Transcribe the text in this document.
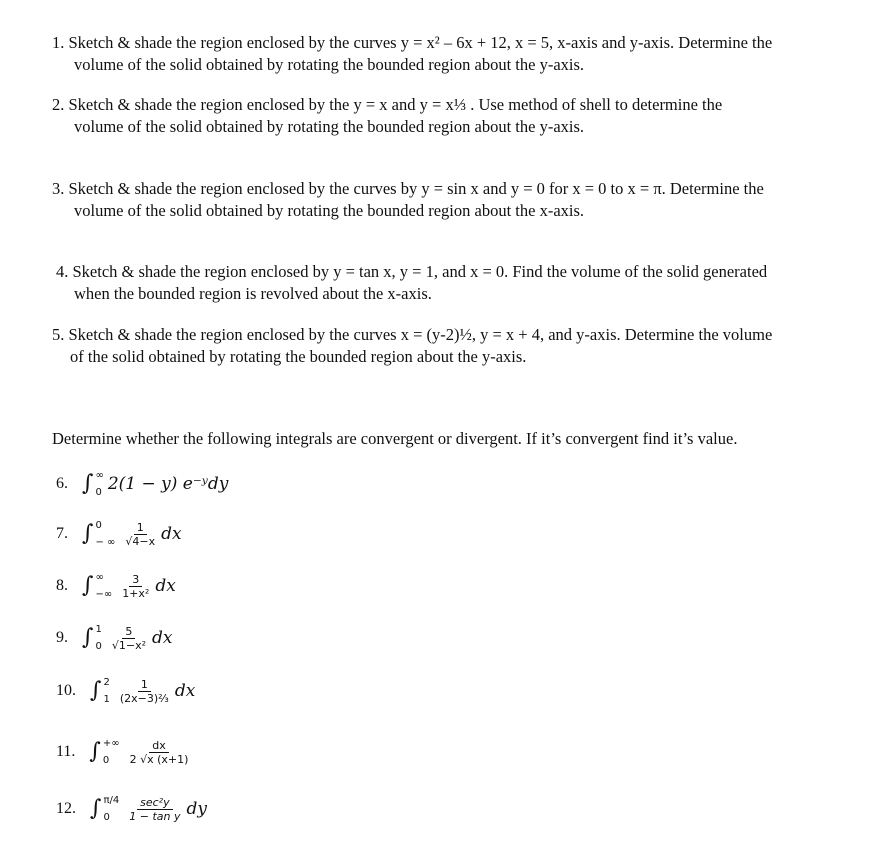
1. Sketch & shade the region enclosed by the curves y = x² – 6x + 12, x = 5, x-axis and y-axis. Determine the
volume of the solid obtained by rotating the bounded region about the y-axis.
2. Sketch & shade the region enclosed by the y = x and y = x⅓ . Use method of shell to determine the
volume of the solid obtained by rotating the bounded region about the y-axis.
3. Sketch & shade the region enclosed by the curves by y = sin x and y = 0 for x = 0 to x = π. Determine the
volume of the solid obtained by rotating the bounded region about the x-axis.
4. Sketch & shade the region enclosed by y = tan x, y = 1, and x = 0. Find the volume of the solid generated
when the bounded region is revolved about the x-axis.
5. Sketch & shade the region enclosed by the curves x = (y-2)½, y = x + 4, and y-axis. Determine the volume
of the solid obtained by rotating the bounded region about the y-axis.
Determine whether the following integrals are convergent or divergent. If it’s convergent find it’s value.
6. ∫ ∞
0 2(1 − y) e⁻ʸdy
7. ∫ 0
− ∞ $\frac{1}{√4-x}$ dx
8. ∫ ∞
−∞ $\frac{3}{\text{1+x²}}$ dx
9. ∫ 1
$0 \frac{5}{\text{√1−x²}}$ dx
10. ∫ 2
$1 \frac{1}{\text{(2x−3)⅔}}$ dx
11. ∫ +∞
0	$\frac{dx}{2 √x (x+1)}$
12. ∫ π/4
0	$\frac{\text{sec²y}}{\text{1 − tan y}}$ dy
